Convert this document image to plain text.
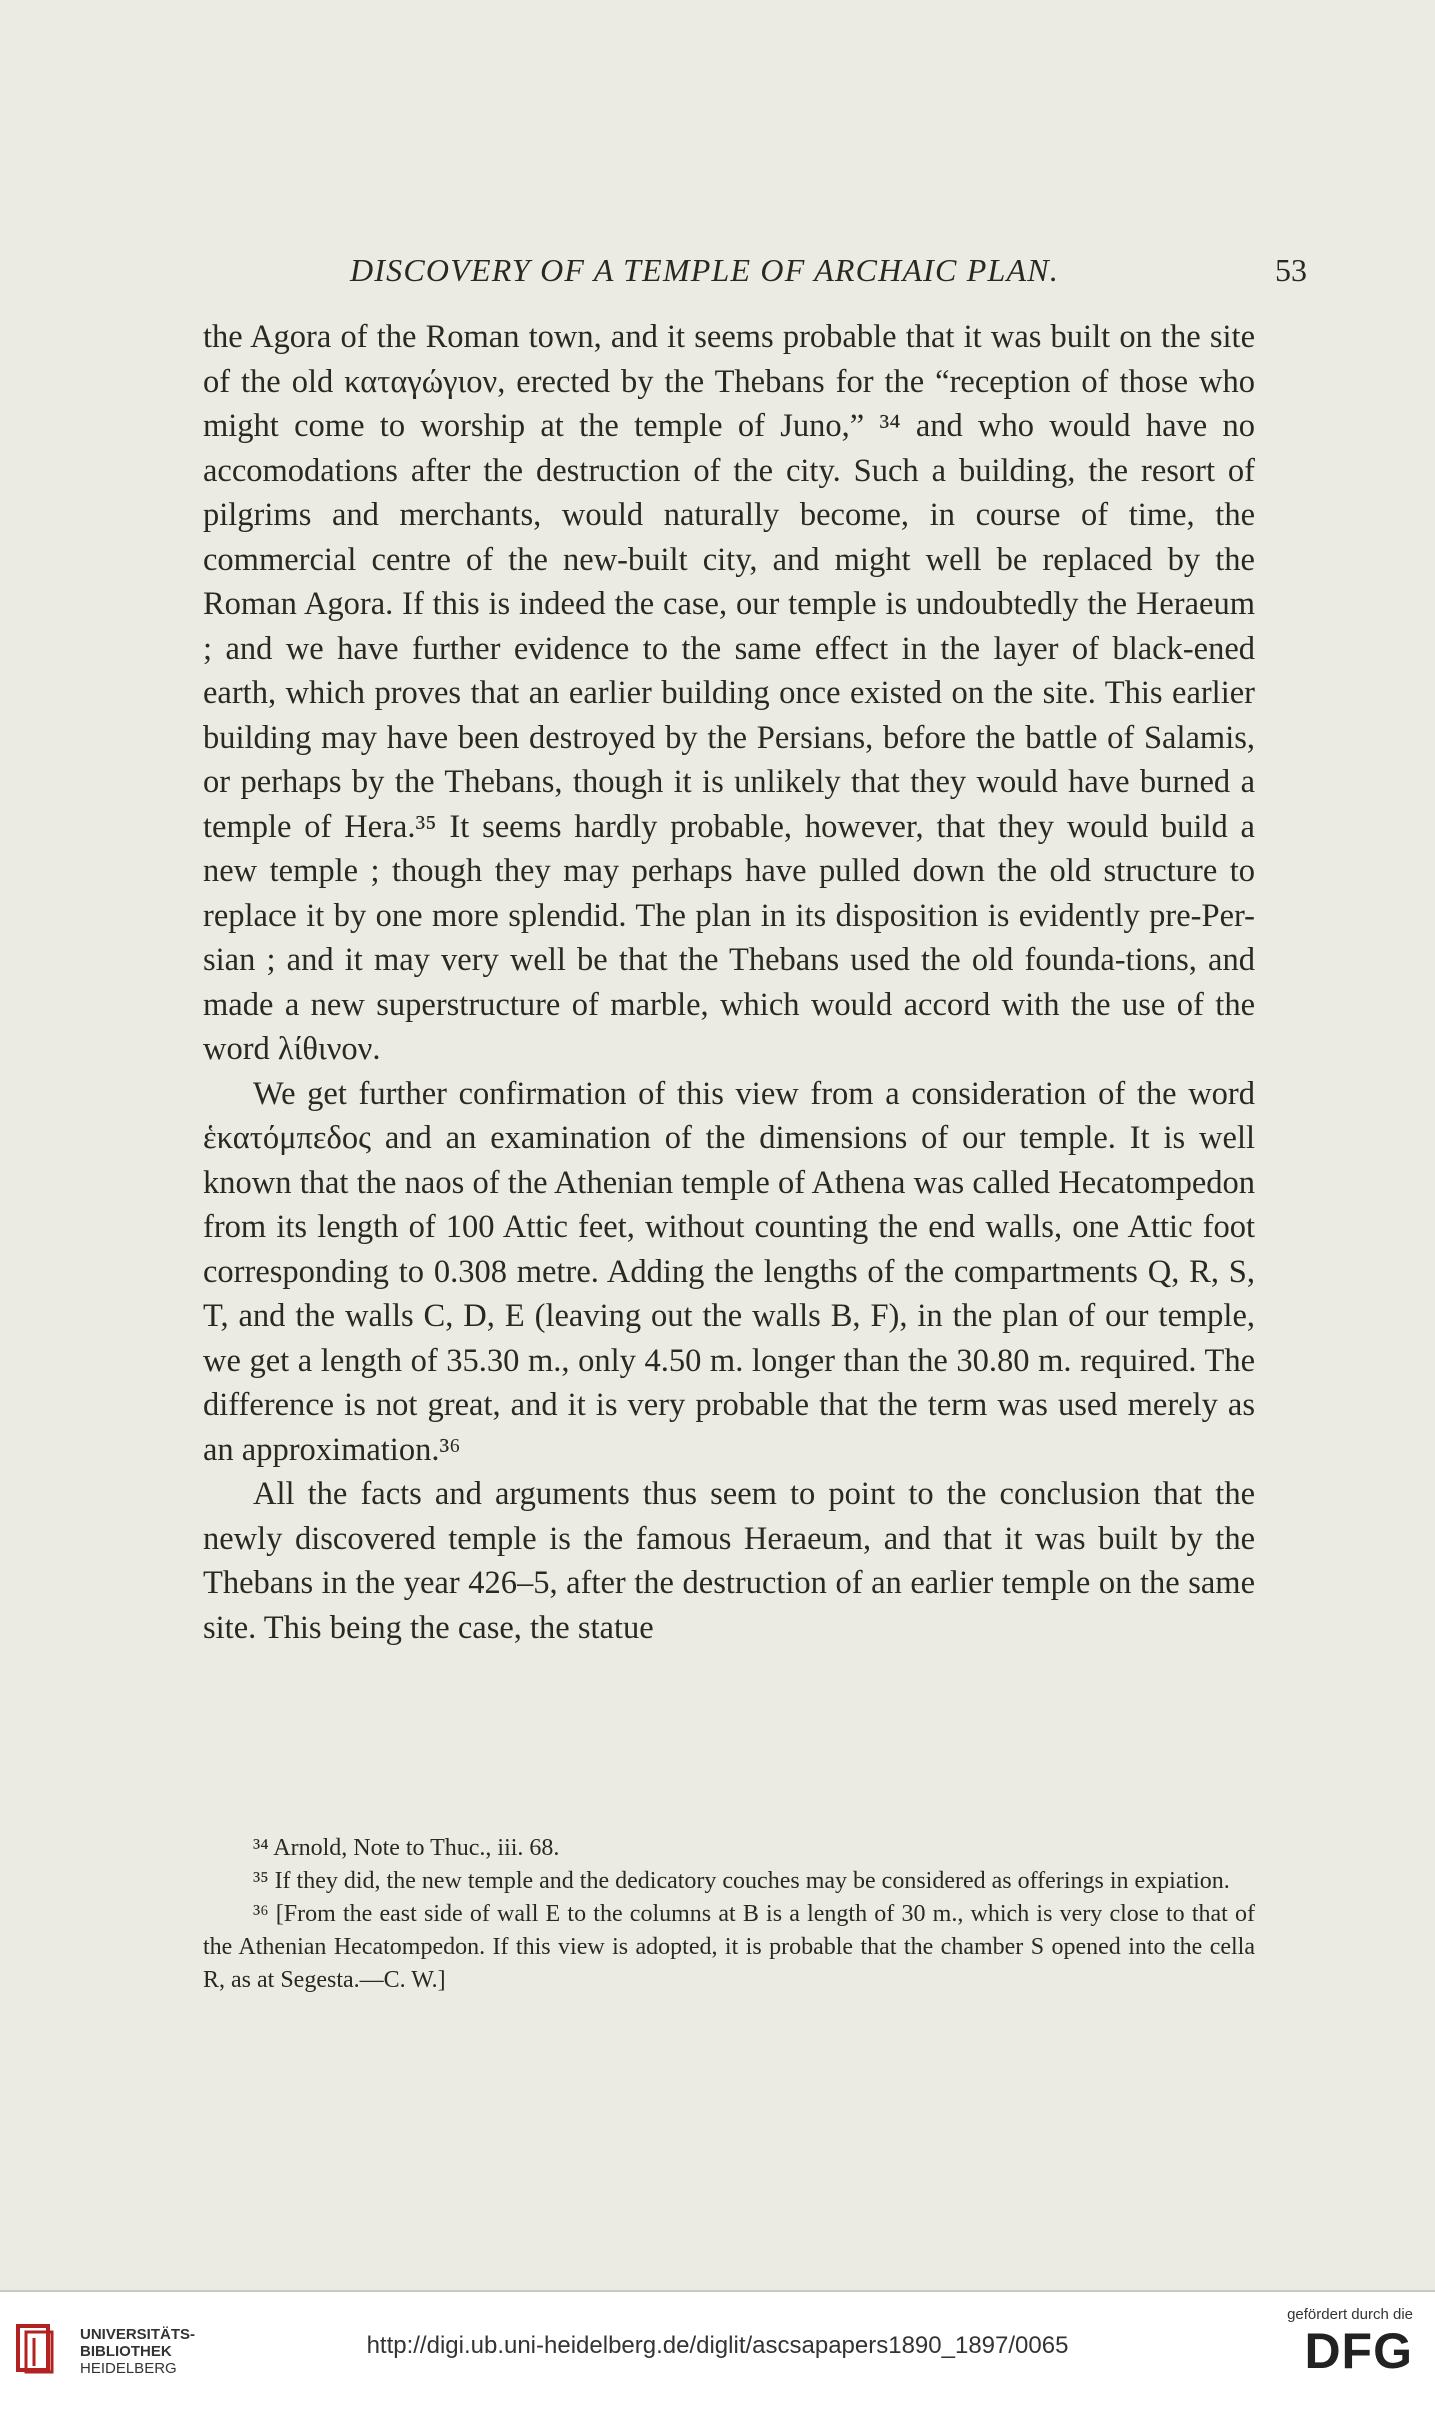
DISCOVERY OF A TEMPLE OF ARCHAIC PLAN.	53

the Agora of the Roman town, and it seems probable that it was built on the site of the old καταγώγιον, erected by the Thebans for the “reception of those who might come to worship at the temple of Juno,” ³⁴ and who would have no accomodations after the destruction of the city. Such a building, the resort of pilgrims and merchants, would naturally become, in course of time, the commercial centre of the new-built city, and might well be replaced by the Roman Agora. If this is indeed the case, our temple is undoubtedly the Heraeum ; and we have further evidence to the same effect in the layer of black-ened earth, which proves that an earlier building once existed on the site. This earlier building may have been destroyed by the Persians, before the battle of Salamis, or perhaps by the Thebans, though it is unlikely that they would have burned a temple of Hera.³⁵ It seems hardly probable, however, that they would build a new temple ; though they may perhaps have pulled down the old structure to replace it by one more splendid. The plan in its disposition is evidently pre-Per-sian ; and it may very well be that the Thebans used the old founda-tions, and made a new superstructure of marble, which would accord with the use of the word λίθινον.

We get further confirmation of this view from a consideration of the word ἑκατόμπεδος and an examination of the dimensions of our temple. It is well known that the naos of the Athenian temple of Athena was called Hecatompedon from its length of 100 Attic feet, without counting the end walls, one Attic foot corresponding to 0.308 metre. Adding the lengths of the compartments Q, R, S, T, and the walls C, D, E (leaving out the walls B, F), in the plan of our temple, we get a length of 35.30 m., only 4.50 m. longer than the 30.80 m. required. The difference is not great, and it is very probable that the term was used merely as an approximation.³⁶

All the facts and arguments thus seem to point to the conclusion that the newly discovered temple is the famous Heraeum, and that it was built by the Thebans in the year 426–5, after the destruction of an earlier temple on the same site. This being the case, the statue

³⁴ Arnold, Note to Thuc., iii. 68.

³⁵ If they did, the new temple and the dedicatory couches may be considered as offerings in expiation.

³⁶ [From the east side of wall E to the columns at B is a length of 30 m., which is very close to that of the Athenian Hecatompedon. If this view is adopted, it is probable that the chamber S opened into the cella R, as at Segesta.—C. W.]

UNIVERSITÄTS-
BIBLIOTHEK
HEIDELBERG
http://digi.ub.uni-heidelberg.de/diglit/ascsapapers1890_1897/0065
gefördert durch die
DFG
